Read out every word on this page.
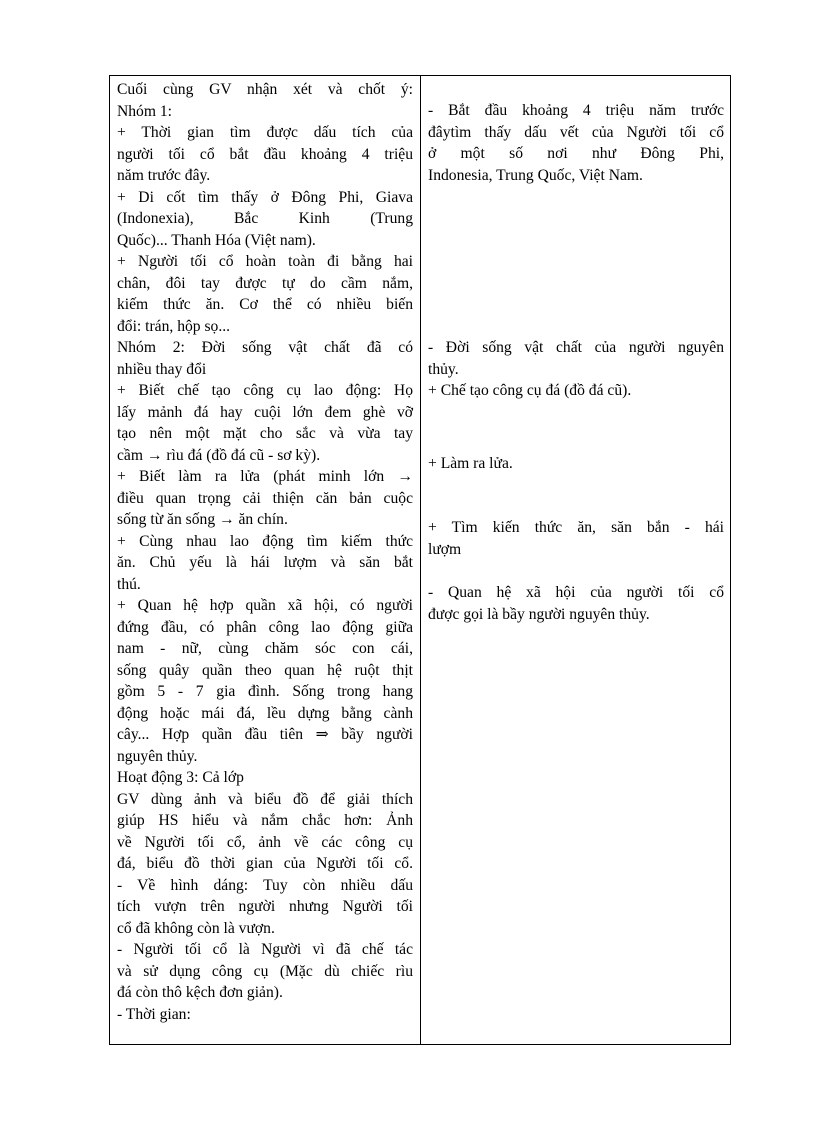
Cuối cùng GV nhận xét và chốt ý:
Nhóm 1:
+ Thời gian tìm được dấu tích của
người tối cổ bắt đầu khoảng 4 triệu
năm trước đây.
+ Di cốt tìm thấy ở Đông Phi, Giava
(Indonexia), Bắc Kinh (Trung
Quốc)... Thanh Hóa (Việt nam).
+ Người tối cổ hoàn toàn đi bằng hai
chân, đôi tay được tự do cầm nắm,
kiếm thức ăn. Cơ thể có nhiều biến
đổi: trán, hộp sọ...
Nhóm 2: Đời sống vật chất đã có
nhiều thay đổi
+ Biết chế tạo công cụ lao động: Họ
lấy mảnh đá hay cuội lớn đem ghè vỡ
tạo nên một mặt cho sắc và vừa tay
cầm → rìu đá (đồ đá cũ - sơ kỳ).
+ Biết làm ra lửa (phát minh lớn →
điều quan trọng cải thiện căn bản cuộc
sống từ ăn sống → ăn chín.
+ Cùng nhau lao động tìm kiếm thức
ăn. Chủ yếu là hái lượm và săn bắt
thú.
+ Quan hệ hợp quần xã hội, có người
đứng đầu, có phân công lao động giữa
nam - nữ, cùng chăm sóc con cái,
sống quây quần theo quan hệ ruột thịt
gồm 5 - 7 gia đình. Sống trong hang
động hoặc mái đá, lều dựng bằng cành
cây... Hợp quần đầu tiên ⇒ bầy người
nguyên thủy.
Hoạt động 3: Cả lớp
GV dùng ảnh và biểu đồ để giải thích
giúp HS hiểu và nắm chắc hơn: Ảnh
về Người tối cổ, ảnh về các công cụ
đá, biểu đồ thời gian của Người tối cổ.
- Về hình dáng: Tuy còn nhiều dấu
tích vượn trên người nhưng Người tối
cổ đã không còn là vượn.
- Người tối cổ là Người vì đã chế tác
và sử dụng công cụ (Mặc dù chiếc rìu
đá còn thô kệch đơn giản).
- Thời gian:
- Bắt đầu khoảng 4 triệu năm trước
đâytìm thấy dấu vết của Người tối cổ
ở một số nơi như Đông Phi,
Indonesia, Trung Quốc, Việt Nam.
- Đời sống vật chất của người nguyên
thủy.
+ Chế tạo công cụ đá (đồ đá cũ).
+ Làm ra lửa.
+ Tìm kiến thức ăn, săn bắn - hái
lượm
- Quan hệ xã hội của người tối cổ
được gọi là bầy người nguyên thủy.
